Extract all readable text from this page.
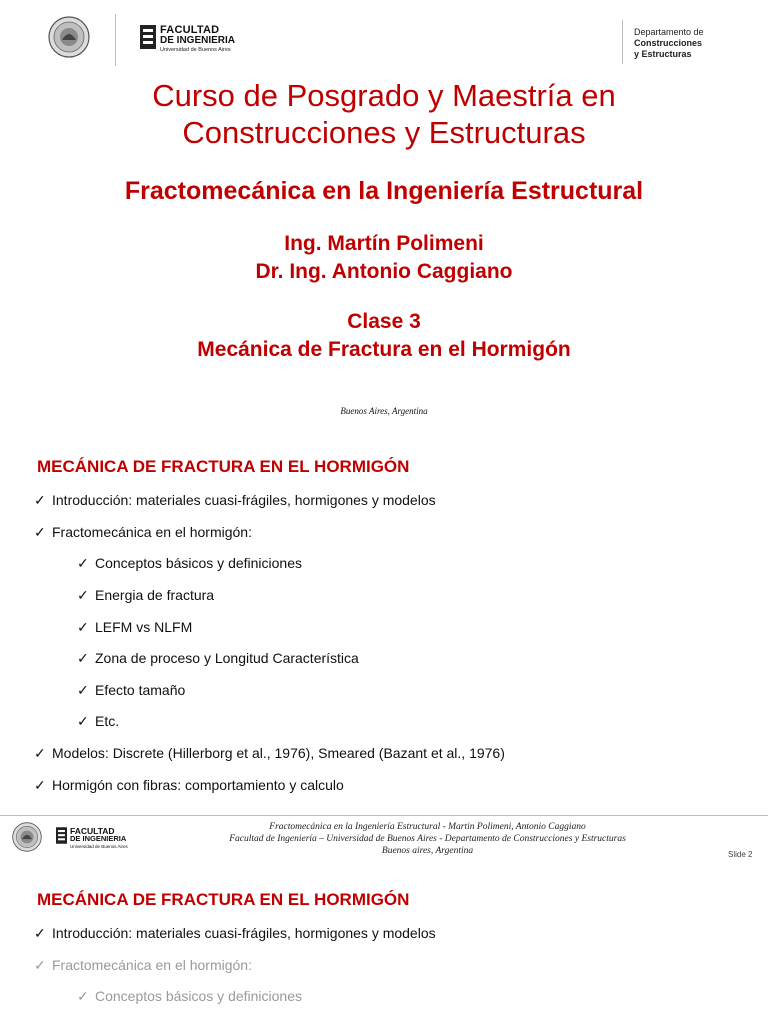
FACULTAD
DE INGENIERIA
Universidad de Buenos Aires
Departamento de
Construcciones
y Estructuras
Curso de Posgrado y Maestría en
Construcciones y Estructuras
Fractomecánica en la Ingeniería Estructural
Ing. Martín Polimeni
Dr. Ing. Antonio Caggiano
Clase 3
Mecánica de Fractura en el Hormigón
Buenos Aires, Argentina
MECÁNICA DE FRACTURA EN EL HORMIGÓN
✓ Introducción: materiales cuasi-frágiles, hormigones y modelos
✓ Fractomecánica en el hormigón:
✓ Conceptos básicos y definiciones
✓ Energia de fractura
✓ LEFM vs NLFM
✓ Zona de proceso y Longitud Característica
✓ Efecto tamaño
✓ Etc.
✓ Modelos: Discrete (Hillerborg et al., 1976), Smeared (Bazant et al., 1976)
✓ Hormigón con fibras: comportamiento y calculo
FACULTAD
DE INGENIERIA
Universidad de Buenos Aires
Fractomecánica en la Ingeniería Estructural - Martin Polimeni, Antonio Caggiano
Facultad de Ingeniería – Universidad de Buenos Aires - Departamento de Construcciones y Estructuras
Buenos aires, Argentina	Slide 2
MECÁNICA DE FRACTURA EN EL HORMIGÓN
✓ Introducción: materiales cuasi-frágiles, hormigones y modelos
✓ Fractomecánica en el hormigón:
✓ Conceptos básicos y definiciones
